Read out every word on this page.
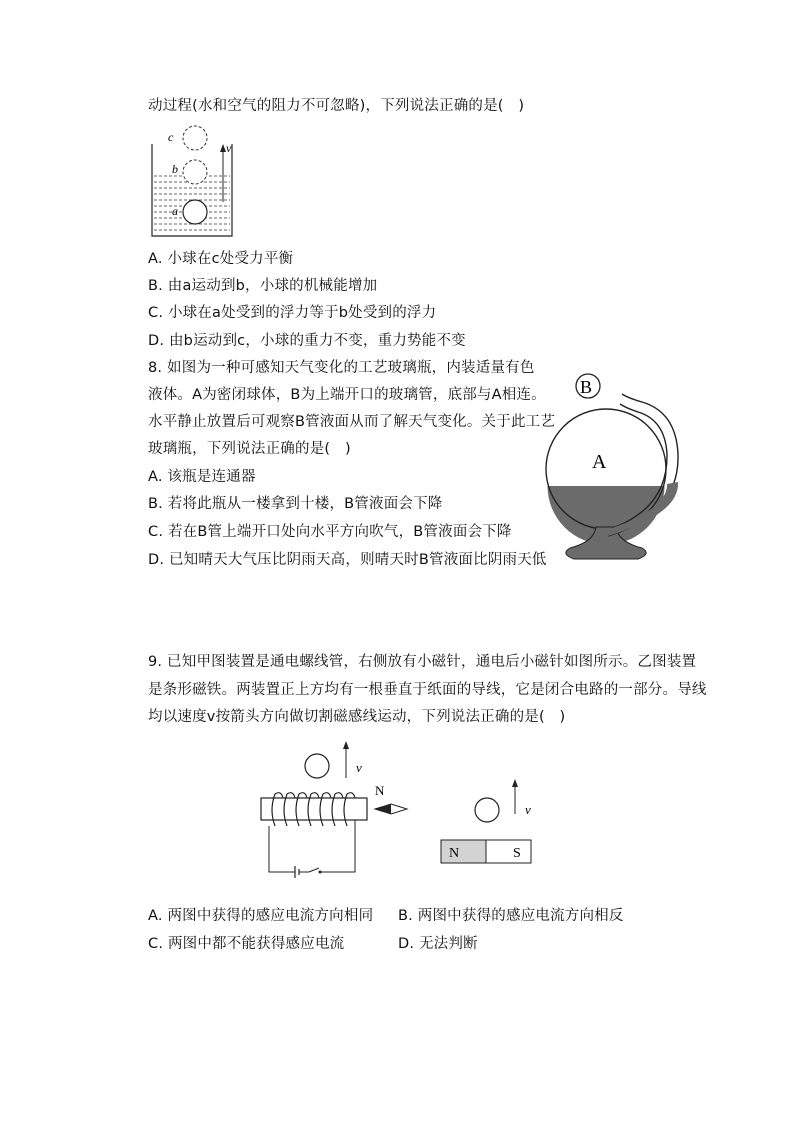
动过程(水和空气的阻力不可忽略)，下列说法正确的是(　)
c
b
a
v
A. 小球在c处受力平衡
B. 由a运动到b，小球的机械能增加
C. 小球在a处受到的浮力等于b处受到的浮力
D. 由b运动到c，小球的重力不变，重力势能不变
8. 如图为一种可感知天气变化的工艺玻璃瓶，内装适量有色
液体。A为密闭球体，B为上端开口的玻璃管，底部与A相连。
水平静止放置后可观察B管液面从而了解天气变化。关于此工艺
玻璃瓶，下列说法正确的是(　)
A. 该瓶是连通器
B. 若将此瓶从一楼拿到十楼，B管液面会下降
C. 若在B管上端开口处向水平方向吹气，B管液面会下降
D. 已知晴天大气压比阴雨天高，则晴天时B管液面比阴雨天低
B
A
9. 已知甲图装置是通电螺线管，右侧放有小磁针，通电后小磁针如图所示。乙图装置
是条形磁铁。两装置正上方均有一根垂直于纸面的导线，它是闭合电路的一部分。导线
均以速度v按箭头方向做切割磁感线运动，下列说法正确的是(　)
v
N
v
N	S
A. 两图中获得的感应电流方向相同 B. 两图中获得的感应电流方向相反
C. 两图中都不能获得感应电流	D. 无法判断
